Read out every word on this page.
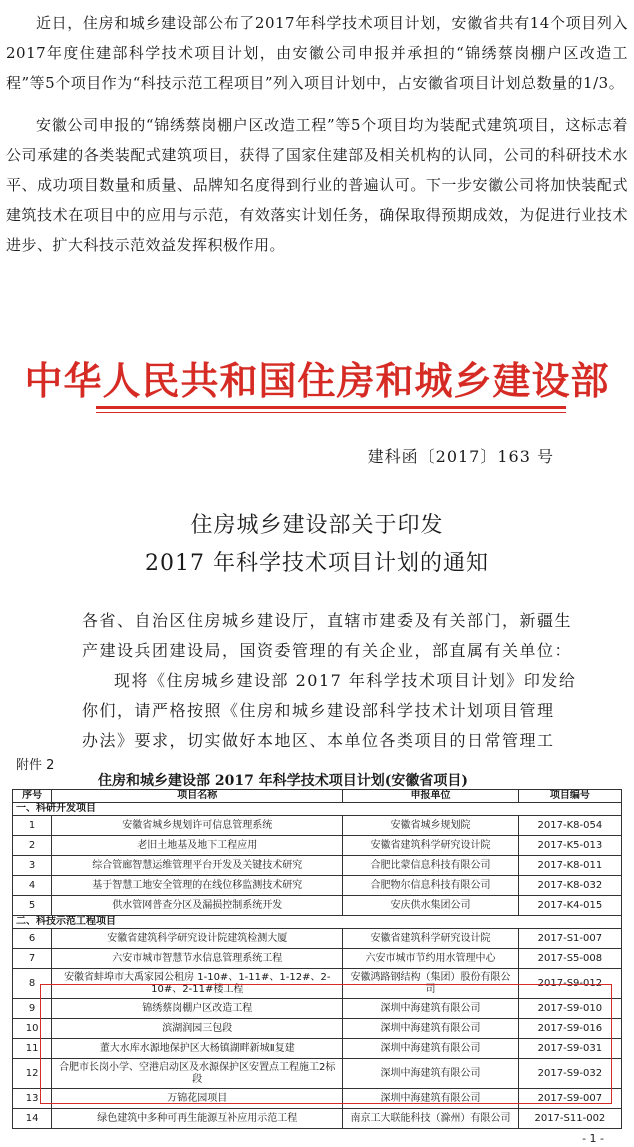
近日，住房和城乡建设部公布了2017年科学技术项目计划，安徽省共有14个项目列入2017年度住建部科学技术项目计划，由安徽公司申报并承担的“锦绣蔡岗棚户区改造工程”等5个项目作为“科技示范工程项目”列入项目计划中，占安徽省项目计划总数量的1/3。

安徽公司申报的“锦绣蔡岗棚户区改造工程”等5个项目均为装配式建筑项目，这标志着公司承建的各类装配式建筑项目，获得了国家住建部及相关机构的认同，公司的科研技术水平、成功项目数量和质量、品牌知名度得到行业的普遍认可。下一步安徽公司将加快装配式建筑技术在项目中的应用与示范，有效落实计划任务，确保取得预期成效，为促进行业技术进步、扩大科技示范效益发挥积极作用。

中华人民共和国住房和城乡建设部
建科函〔2017〕163 号
住房城乡建设部关于印发
2017 年科学技术项目计划的通知
各省、自治区住房城乡建设厅，直辖市建委及有关部门，新疆生
产建设兵团建设局，国资委管理的有关企业，部直属有关单位：
现将《住房城乡建设部 2017 年科学技术项目计划》印发给
你们，请严格按照《住房和城乡建设部科学技术计划项目管理
办法》要求，切实做好本地区、本单位各类项目的日常管理工
附件 2
住房和城乡建设部 2017 年科学技术项目计划(安徽省项目)
序号	项目名称	申报单位	项目编号
一、科研开发项目			
1	安徽省城乡规划许可信息管理系统	安徽省城乡规划院	2017-K8-054
2	老旧土地基及地下工程应用	安徽省建筑科学研究设计院	2017-K5-013
3	综合管廊智慧运维管理平台开发及关键技术研究	合肥比蒙信息科技有限公司	2017-K8-011
4	基于智慧工地安全管理的在线位移监测技术研究	合肥物尔信息科技有限公司	2017-K8-032
5	供水管网普查分区及漏损控制系统开发	安庆供水集团公司	2017-K4-015
二、科技示范工程项目			
6	安徽省建筑科学研究设计院建筑检测大厦	安徽省建筑科学研究设计院	2017-S1-007
7	六安市城市智慧节水信息管理系统工程	六安市城市节约用水管理中心	2017-S5-008
8	安徽省蚌埠市大禹家园公租房 1-10#、1-11#、1-12#、2-10#、2-11#楼工程	安徽鸿路钢结构（集团）股份有限公司	2017-S9-012
9	锦绣蔡岗棚户区改造工程	深圳中海建筑有限公司	2017-S9-010
10	滨湖润园三包段	深圳中海建筑有限公司	2017-S9-016
11	董大水库水源地保护区大杨镇湖畔新城Ⅱ复建	深圳中海建筑有限公司	2017-S9-031
12	合肥市长岗小学、空港启动区及水源保护区安置点工程施工2标段	深圳中海建筑有限公司	2017-S9-032
13	万锦花园项目	深圳中海建筑有限公司	2017-S9-007
14	绿色建筑中多种可再生能源互补应用示范工程	南京工大联能科技（滁州）有限公司	2017-S11-002
- 1 -
